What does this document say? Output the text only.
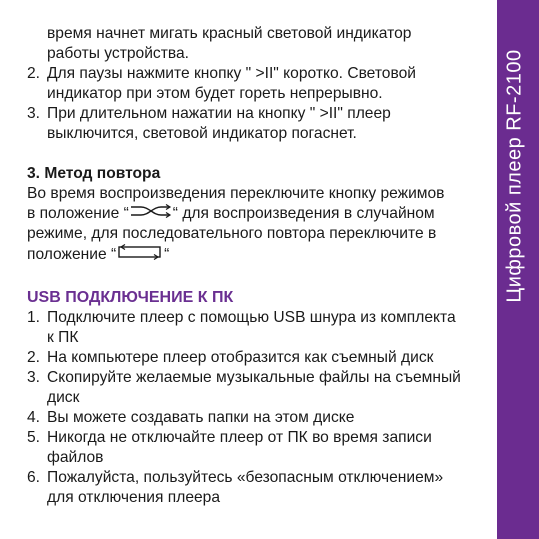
время начнет мигать красный световой индикатор
работы устройства.
2. Для паузы нажмите кнопку " >II" коротко. Световой
индикатор при этом будет гореть непрерывно.
3. При длительном нажатии на кнопку " >II" плеер
выключится, световой индикатор погаснет.
3. Метод повтора
Во время воспроизведения переключите кнопку режимов
в положение “	“ для воспроизведения в случайном
режиме, для последовательного повтора переключите в
положение “	“
USB ПОДКЛЮЧЕНИЕ К ПК
1. Подключите плеер с помощью USB шнура из комплекта
к ПК
2. На компьютере плеер отобразится как съемный диск
3. Скопируйте желаемые музыкальные файлы на съемный
диск
4. Вы можете создавать папки на этом диске
5. Никогда не отключайте плеер от ПК во время записи
файлов
6. Пожалуйста, пользуйтесь «безопасным отключением»
для отключения плеера
Цифровой плеер RF-2100
